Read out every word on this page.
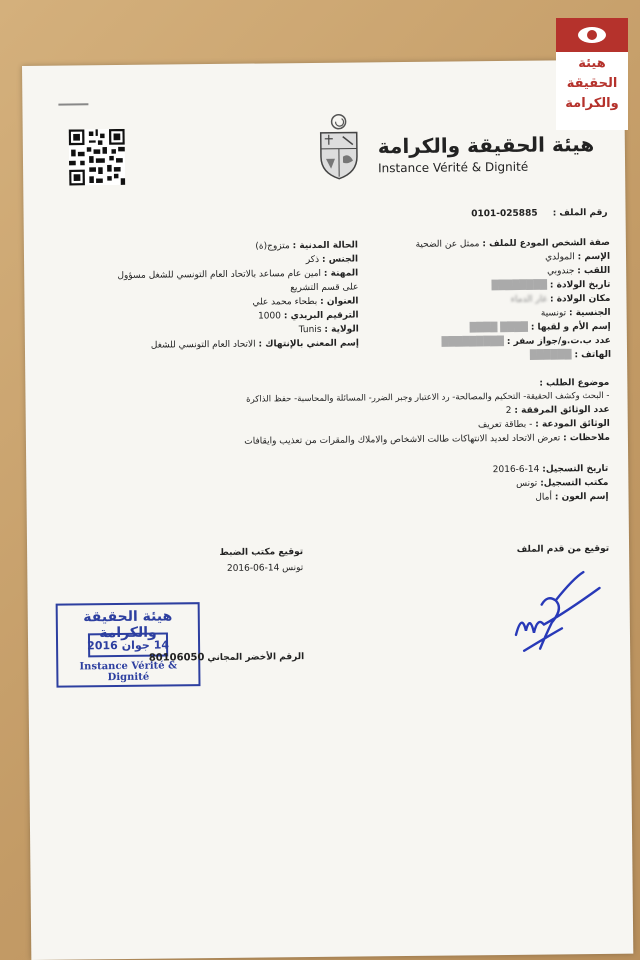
هيئة الحقيقة والكرامة
Instance Vérité & Dignité
رقم الملف :
0101-025885
صفة الشخص المودع للملف : ممثل عن الضحية
الإسم : المولدي
اللقب : جندوبي
تاريخ الولادة : ████████
مكان الولادة : غار الدماء
الجنسية : تونسية
إسم الأم و لقبها : ████ ████
عدد ب.ت.و/جواز سفر : █████████
الهاتف : ██████
الحالة المدنية : متزوج(ة)
الجنس : ذكر
المهنة : امين عام مساعد بالاتحاد العام التونسي للشغل مسؤول
على قسم التشريع
العنوان : بطحاء محمد علي
الترقيم البريدي : 1000
الولاية : Tunis
إسم المعني بالإنتهاك : الاتحاد العام التونسي للشغل
موضوع الطلب :
- البحث وكشف الحقيقة- التحكيم والمصالحة- رد الاعتبار وجبر الضرر- المسائلة والمحاسبة- حفظ الذاكرة
عدد الوثائق المرفقة : 2
الوثائق المودعة : - بطاقة تعريف
ملاحظات : تعرض الاتحاد لعديد الانتهاكات طالت الاشخاص والاملاك والمقرات من تعذيب وايقافات
تاريخ التسجيل: 14-6-2016
مكتب التسجيل: تونس
إسم العون : أمال
توقيع من قدم الملف
توقيع مكتب الضبط
تونس 14-06-2016
هيئة الحقيقة والكرامة
2016 جوان 14
Instance Vérité & Dignité
الرقم الأخضر المجاني 80106050
هيئة
الحقيقة
والكرامة
